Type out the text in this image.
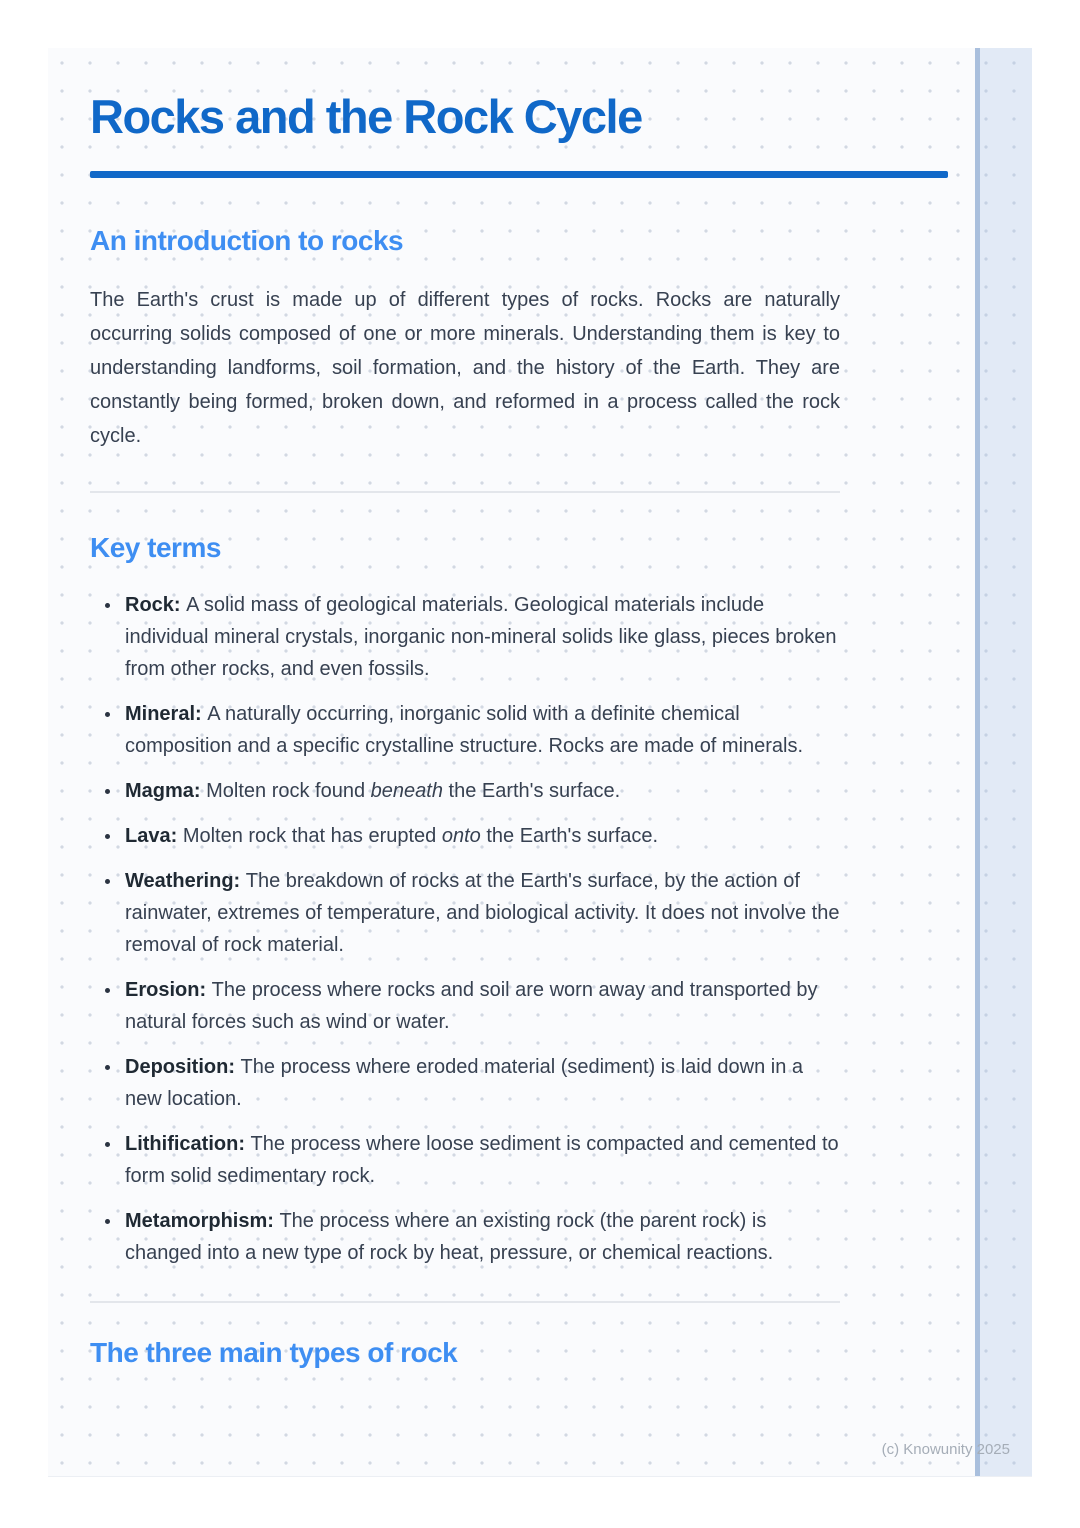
Rocks and the Rock Cycle
An introduction to rocks

The Earth's crust is made up of different types of rocks. Rocks are naturally occurring solids composed of one or more minerals. Understanding them is key to understanding landforms, soil formation, and the history of the Earth. They are constantly being formed, broken down, and reformed in a process called the rock cycle.

Key terms
• Rock: A solid mass of geological materials. Geological materials include individual mineral crystals, inorganic non-mineral solids like glass, pieces broken from other rocks, and even fossils.
• Mineral: A naturally occurring, inorganic solid with a definite chemical composition and a specific crystalline structure. Rocks are made of minerals.
• Magma: Molten rock found beneath the Earth's surface.
• Lava: Molten rock that has erupted onto the Earth's surface.
• Weathering: The breakdown of rocks at the Earth's surface, by the action of rainwater, extremes of temperature, and biological activity. It does not involve the removal of rock material.
• Erosion: The process where rocks and soil are worn away and transported by natural forces such as wind or water.
• Deposition: The process where eroded material (sediment) is laid down in a new location.
• Lithification: The process where loose sediment is compacted and cemented to form solid sedimentary rock.
• Metamorphism: The process where an existing rock (the parent rock) is changed into a new type of rock by heat, pressure, or chemical reactions.
The three main types of rock
(c) Knowunity 2025
